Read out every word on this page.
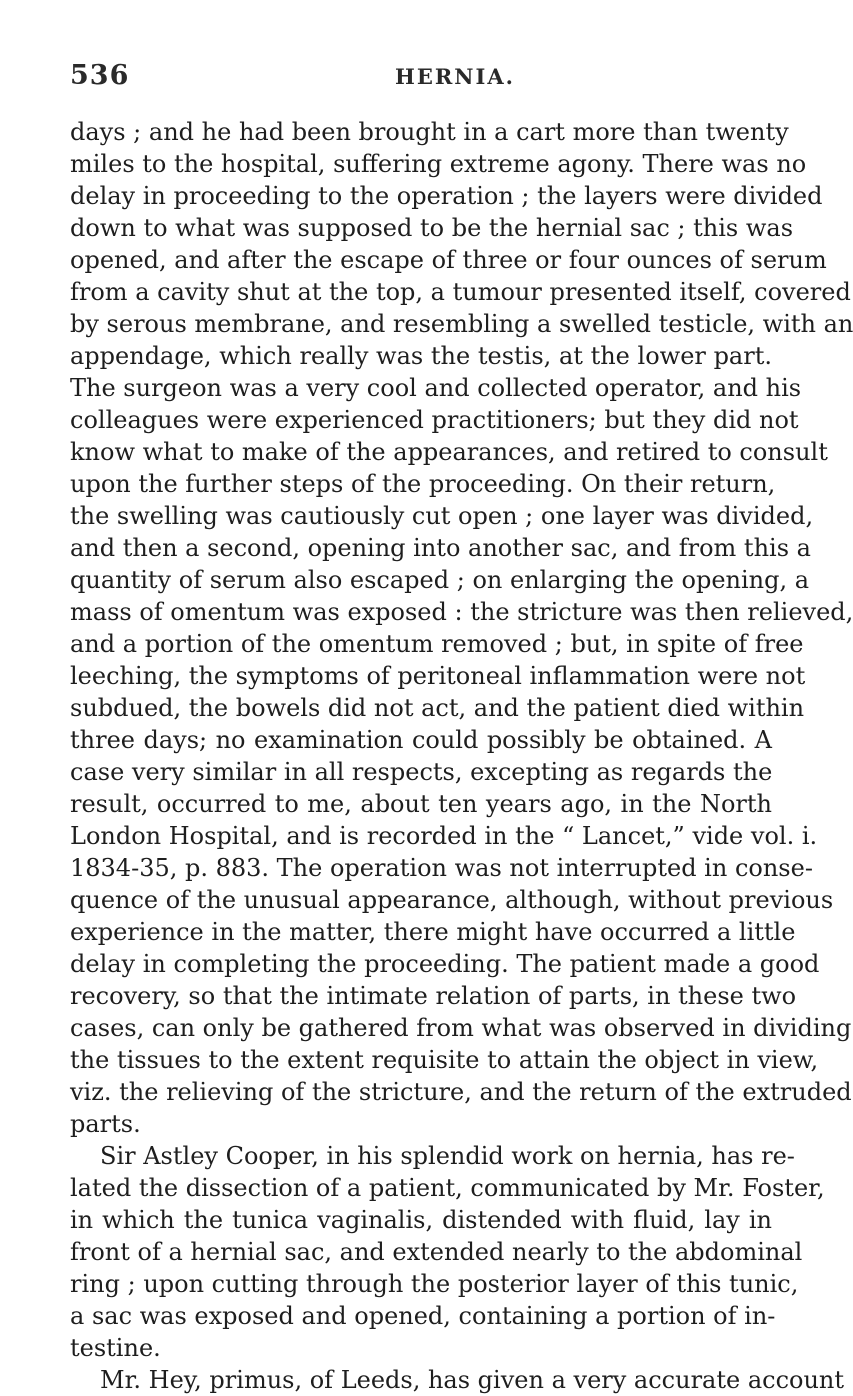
536	HERNIA.
days ; and he had been brought in a cart more than twenty
miles to the hospital, suffering extreme agony. There was no
delay in proceeding to the operation ; the layers were divided
down to what was supposed to be the hernial sac ; this was
opened, and after the escape of three or four ounces of serum
from a cavity shut at the top, a tumour presented itself, covered
by serous membrane, and resembling a swelled testicle, with an
appendage, which really was the testis, at the lower part.
The surgeon was a very cool and collected operator, and his
colleagues were experienced practitioners; but they did not
know what to make of the appearances, and retired to consult
upon the further steps of the proceeding. On their return,
the swelling was cautiously cut open ; one layer was divided,
and then a second, opening into another sac, and from this a
quantity of serum also escaped ; on enlarging the opening, a
mass of omentum was exposed : the stricture was then relieved,
and a portion of the omentum removed ; but, in spite of free
leeching, the symptoms of peritoneal inflammation were not
subdued, the bowels did not act, and the patient died within
three days; no examination could possibly be obtained. A
case very similar in all respects, excepting as regards the
result, occurred to me, about ten years ago, in the North
London Hospital, and is recorded in the “ Lancet,” vide vol. i.
1834-35, p. 883. The operation was not interrupted in conse-
quence of the unusual appearance, although, without previous
experience in the matter, there might have occurred a little
delay in completing the proceeding. The patient made a good
recovery, so that the intimate relation of parts, in these two
cases, can only be gathered from what was observed in dividing
the tissues to the extent requisite to attain the object in view,
viz. the relieving of the stricture, and the return of the extruded
parts.
Sir Astley Cooper, in his splendid work on hernia, has re-
lated the dissection of a patient, communicated by Mr. Foster,
in which the tunica vaginalis, distended with fluid, lay in
front of a hernial sac, and extended nearly to the abdominal
ring ; upon cutting through the posterior layer of this tunic,
a sac was exposed and opened, containing a portion of in-
testine.
Mr. Hey, primus, of Leeds, has given a very accurate account
